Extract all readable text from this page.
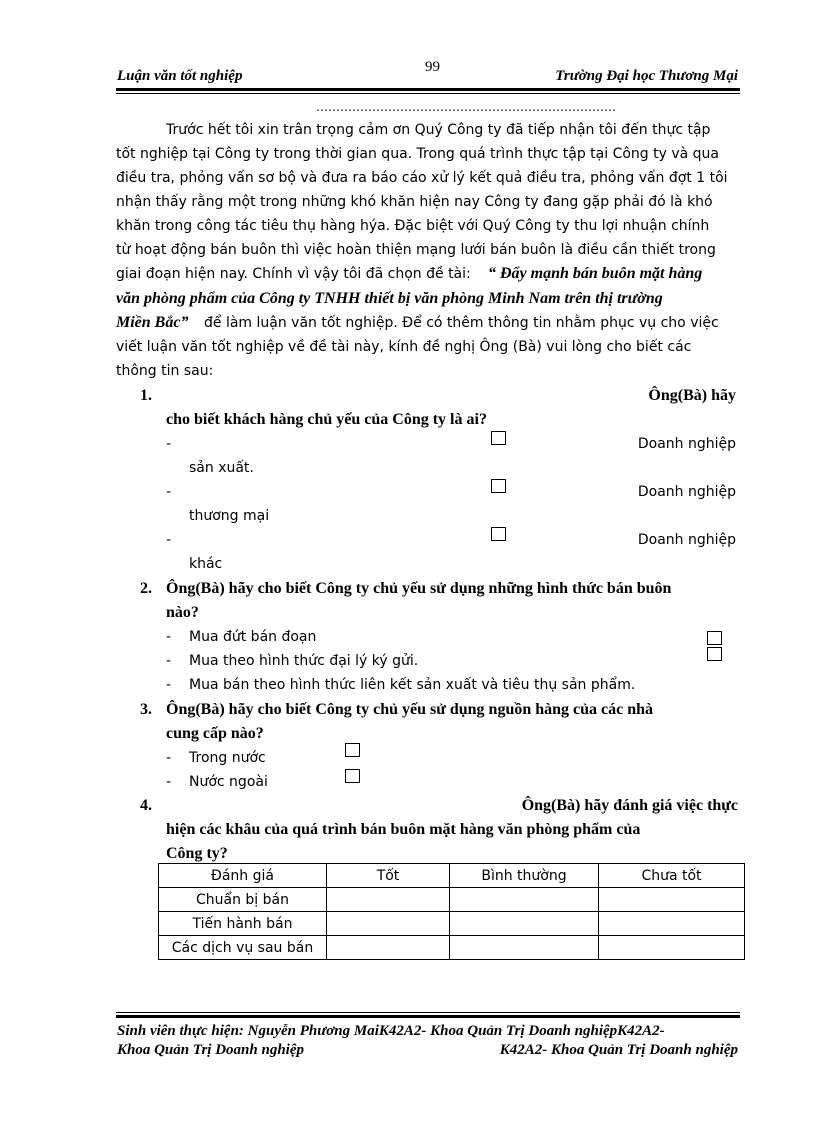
99
Luận văn tốt nghiệp	Trường Đại học Thương Mại
…………………………………………………………………
Trước hết tôi xin trân trọng cảm ơn Quý Công ty đã tiếp nhận tôi đến thực tập
tốt nghiệp tại Công ty trong thời gian qua. Trong quá trình thực tập tại Công ty và qua
điều tra, phỏng vấn sơ bộ và đưa ra báo cáo xử lý kết quả điều tra, phỏng vấn đợt 1 tôi
nhận thấy rằng một trong những khó khăn hiện nay Công ty đang gặp phải đó là khó
khăn trong công tác tiêu thụ hàng hýa. Đặc biệt với Quý Công ty thu lợi nhuận chính
từ hoạt động bán buôn thì việc hoàn thiện mạng lưới bán buôn là điều cần thiết trong
giai đoạn hiện nay. Chính vì vậy tôi đã chọn đề tài: “ Đẩy mạnh bán buôn mặt hàng
văn phòng phẩm của Công ty TNHH thiết bị văn phòng Minh Nam trên thị trường
Miền Bắc” để làm luận văn tốt nghiệp. Để có thêm thông tin nhằm phục vụ cho việc
viết luận văn tốt nghiệp về đề tài này, kính đề nghị Ông (Bà) vui lòng cho biết các
thông tin sau:
1.	Ông(Bà) hãy
cho biết khách hàng chủ yếu của Công ty là ai?
-	Doanh nghiệp
sản xuất.
-	Doanh nghiệp
thương mại
-	Doanh nghiệp
khác
2. Ông(Bà) hãy cho biết Công ty chủ yếu sử dụng những hình thức bán buôn
nào?
- Mua đứt bán đoạn
- Mua theo hình thức đại lý ký gửi.
- Mua bán theo hình thức liên kết sản xuất và tiêu thụ sản phẩm.
3. Ông(Bà) hãy cho biết Công ty chủ yếu sử dụng nguồn hàng của các nhà
cung cấp nào?
- Trong nước
- Nước ngoài
4.	Ông(Bà) hãy đánh giá việc thực
hiện các khâu của quá trình bán buôn mặt hàng văn phòng phẩm của
Công ty?
Đánh giá	Tốt	Bình thường	Chưa tốt
Chuẩn bị bán			
Tiến hành bán			
Các dịch vụ sau bán			
Sinh viên thực hiện: Nguyễn Phương MaiK42A2- Khoa Quản Trị Doanh nghiệpK42A2-
Khoa Quản Trị Doanh nghiệp	K42A2- Khoa Quản Trị Doanh nghiệp
